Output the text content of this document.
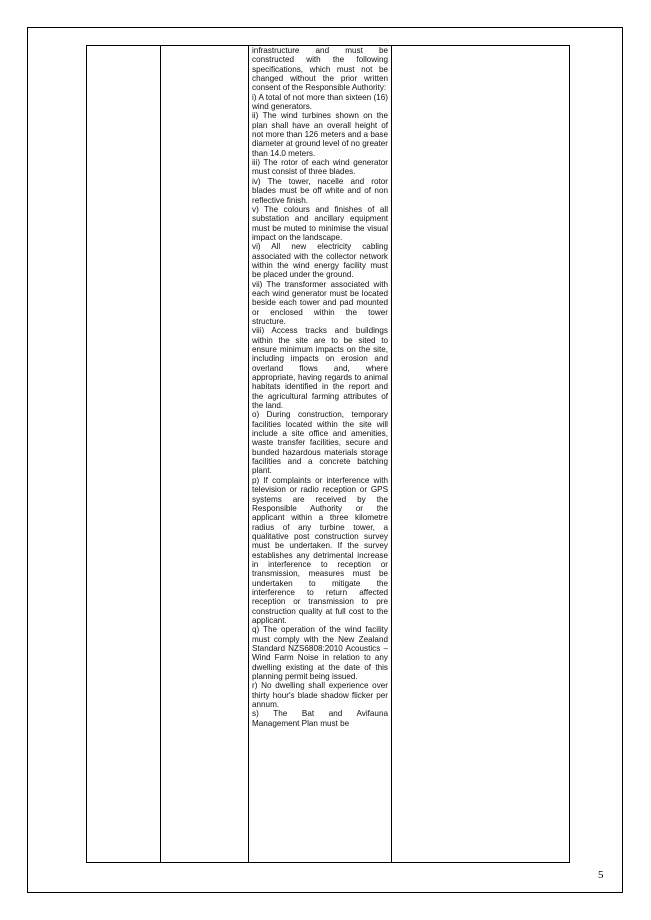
infrastructure and must be constructed with the following specifications, which must not be changed without the prior written consent of the Responsible Authority:

i) A total of not more than sixteen (16) wind generators.

ii) The wind turbines shown on the plan shall have an overall height of not more than 126 meters and a base diameter at ground level of no greater than 14.0 meters.

iii) The rotor of each wind generator must consist of three blades.

iv) The tower, nacelle and rotor blades must be off white and of non reflective finish.

v) The colours and finishes of all substation and ancillary equipment must be muted to minimise the visual impact on the landscape.

vi) All new electricity cabling associated with the collector network within the wind energy facility must be placed under the ground.

vii) The transformer associated with each wind generator must be located beside each tower and pad mounted or enclosed within the tower structure.

viii) Access tracks and buildings within the site are to be sited to ensure minimum impacts on the site, including impacts on erosion and overland flows and, where appropriate, having regards to animal habitats identified in the report and the agricultural farming attributes of the land.

o) During construction, temporary facilities located within the site will include a site office and amenities, waste transfer facilities, secure and bunded hazardous materials storage facilities and a concrete batching plant.

p) If complaints or interference with television or radio reception or GPS systems are received by the Responsible Authority or the applicant within a three kilometre radius of any turbine tower, a qualitative post construction survey must be undertaken. If the survey establishes any detrimental increase in interference to reception or transmission, measures must be undertaken to mitigate the interference to return affected reception or transmission to pre construction quality at full cost to the applicant.

q) The operation of the wind facility must comply with the New Zealand Standard NZS6808:2010 Acoustics – Wind Farm Noise in relation to any dwelling existing at the date of this planning permit being issued.

r) No dwelling shall experience over thirty hour's blade shadow flicker per annum.

s) The Bat and Avifauna Management Plan must be

5
